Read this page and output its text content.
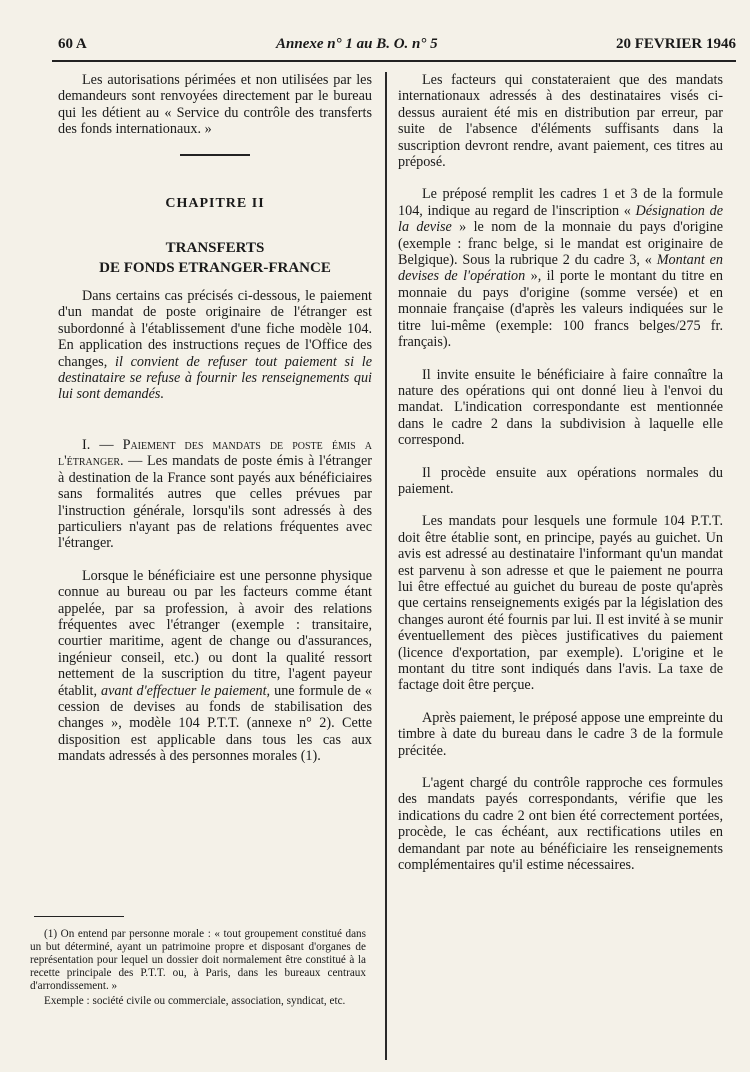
60 A	Annexe n° 1 au B. O. n° 5	20 FEVRIER 1946

Les autorisations périmées et non utilisées par les demandeurs sont renvoyées directement par le bureau qui les détient au « Service du contrôle des transferts des fonds internationaux. »

CHAPITRE II
TRANSFERTS
DE FONDS ETRANGER-FRANCE

Dans certains cas précisés ci-dessous, le paiement d'un mandat de poste originaire de l'étranger est subordonné à l'établissement d'une fiche modèle 104. En application des instructions reçues de l'Office des changes, il convient de refuser tout paiement si le destinataire se refuse à fournir les renseignements qui lui sont demandés.

I. — Paiement des mandats de poste émis a l'étranger. — Les mandats de poste émis à l'étranger à destination de la France sont payés aux bénéficiaires sans formalités autres que celles prévues par l'instruction générale, lorsqu'ils sont adressés à des particuliers n'ayant pas de relations fréquentes avec l'étranger.

Lorsque le bénéficiaire est une personne physique connue au bureau ou par les facteurs comme étant appelée, par sa profession, à avoir des relations fréquentes avec l'étranger (exemple : transitaire, courtier maritime, agent de change ou d'assurances, ingénieur conseil, etc.) ou dont la qualité ressort nettement de la suscription du titre, l'agent payeur établit, avant d'effectuer le paiement, une formule de « cession de devises au fonds de stabilisation des changes », modèle 104 P.T.T. (annexe n° 2). Cette disposition est applicable dans tous les cas aux mandats adressés à des personnes morales (1).

(1) On entend par personne morale : « tout groupement constitué dans un but déterminé, ayant un patrimoine propre et disposant d'organes de représentation pour lequel un dossier doit normalement être constitué à la recette principale des P.T.T. ou, à Paris, dans les bureaux centraux d'arrondissement. »

Exemple : société civile ou commerciale, association, syndicat, etc.

Les facteurs qui constateraient que des mandats internationaux adressés à des destinataires visés ci-dessus auraient été mis en distribution par erreur, par suite de l'absence d'éléments suffisants dans la suscription devront rendre, avant paiement, ces titres au préposé.

Le préposé remplit les cadres 1 et 3 de la formule 104, indique au regard de l'inscription « Désignation de la devise » le nom de la monnaie du pays d'origine (exemple : franc belge, si le mandat est originaire de Belgique). Sous la rubrique 2 du cadre 3, « Montant en devises de l'opération », il porte le montant du titre en monnaie du pays d'origine (somme versée) et en monnaie française (d'après les valeurs indiquées sur le titre lui-même (exemple: 100 francs belges/275 fr. français).

Il invite ensuite le bénéficiaire à faire connaître la nature des opérations qui ont donné lieu à l'envoi du mandat. L'indication correspondante est mentionnée dans le cadre 2 dans la subdivision à laquelle elle correspond.

Il procède ensuite aux opérations normales du paiement.

Les mandats pour lesquels une formule 104 P.T.T. doit être établie sont, en principe, payés au guichet. Un avis est adressé au destinataire l'informant qu'un mandat est parvenu à son adresse et que le paiement ne pourra lui être effectué au guichet du bureau de poste qu'après que certains renseignements exigés par la législation des changes auront été fournis par lui. Il est invité à se munir éventuellement des pièces justificatives du paiement (licence d'exportation, par exemple). L'origine et le montant du titre sont indiqués dans l'avis. La taxe de factage doit être perçue.

Après paiement, le préposé appose une empreinte du timbre à date du bureau dans le cadre 3 de la formule précitée.

L'agent chargé du contrôle rapproche ces formules des mandats payés correspondants, vérifie que les indications du cadre 2 ont bien été correctement portées, procède, le cas échéant, aux rectifications utiles en demandant par note au bénéficiaire les renseignements complémentaires qu'il estime nécessaires.
